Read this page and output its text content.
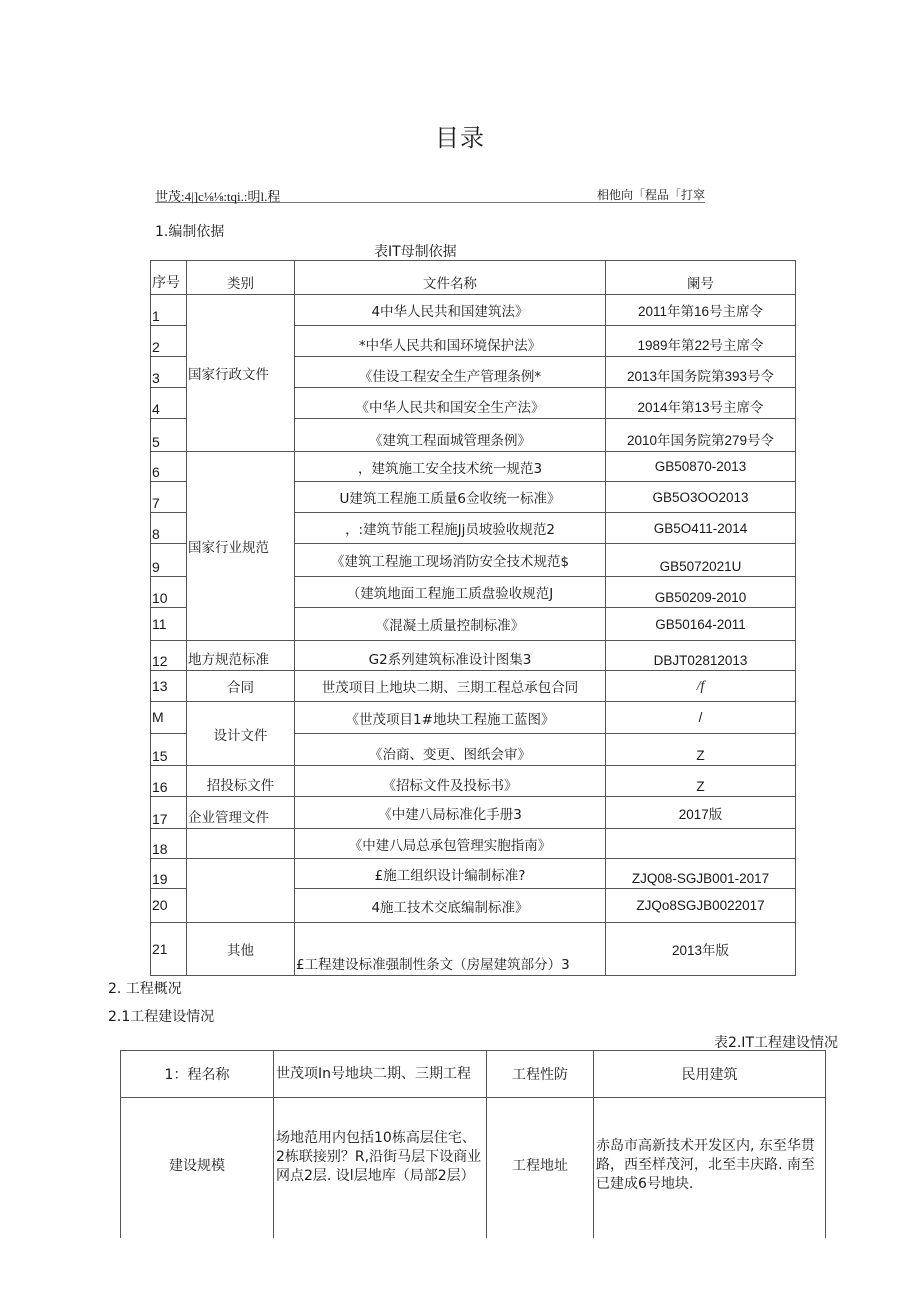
目录
世茂:4|]c⅛⅛:tqi.:明l.程	相他向「程品「打窣
1.编制依据
表IT母制依据
序号	类别	文件名称	阑号
1	国家行政文件	4中华人民共和国建筑法》	2011年第16号主席令
2		*中华人民共和国环境保护法》	1989年第22号主席令
3		《佳设工程安全生产管理条例*	2013年国务院第393号令
4		《中华人民共和国安全生产法》	2014年第13号主席令
5		《建筑工程面城管理条例》	2010年国务院第279号令
6	国家行业规范	，建筑施工安全技术统一规范3	GB50870-2013
7		U建筑工程施工质量6佥收统一标准》	GB5O3OO2013
8		，:建筑节能工程施Jj员坡验收规范2	GB5O411-2014
9		《建筑工程施工现场消防安全技术规范$	GB5072021U
10		（建筑地面工程施工质盘验收规范J	GB50209-2010
11		《混凝土质量控制标准》	GB50164-2011
12	地方规范标准	G2系列建筑标准设计图集3	DBJT02812013
13	合同	世茂项目上地块二期、三期工程总承包合同	/f
M	设计文件	《世茂项目1#地块工程施工蓝图》	/
15		《治商、变更、图纸会审》	Z
16	招投标文件	《招标文件及投标书》	Z
17	企业管理文件	《中建八局标准化手册3	2017版
18		《中建八局总承包管理实胞指南》	
19		£施工组织设计编制标准?	ZJQ08-SGJB001-2017
20		4施工技术交底编制标准》	ZJQo8SGJB0022017
21	其他	£工程建设标准强制性条文（房屋建筑部分）3	2013年版
2. 工程概况
2.1工程建设情况
表2.IT工程建设情况
1：程名称	世茂项In号地块二期、三期工程	工程性防	民用建筑
建设规模	场地范用内包括10栋高层住宅、2栋联接别？R,沿街马层下设商业网点2层. 设l层地库（局部2层）	工程地址	赤岛市高新技术开发区内, 东至华贯路，西至样茂河，北至丰庆路. 南至已建成6号地块.
